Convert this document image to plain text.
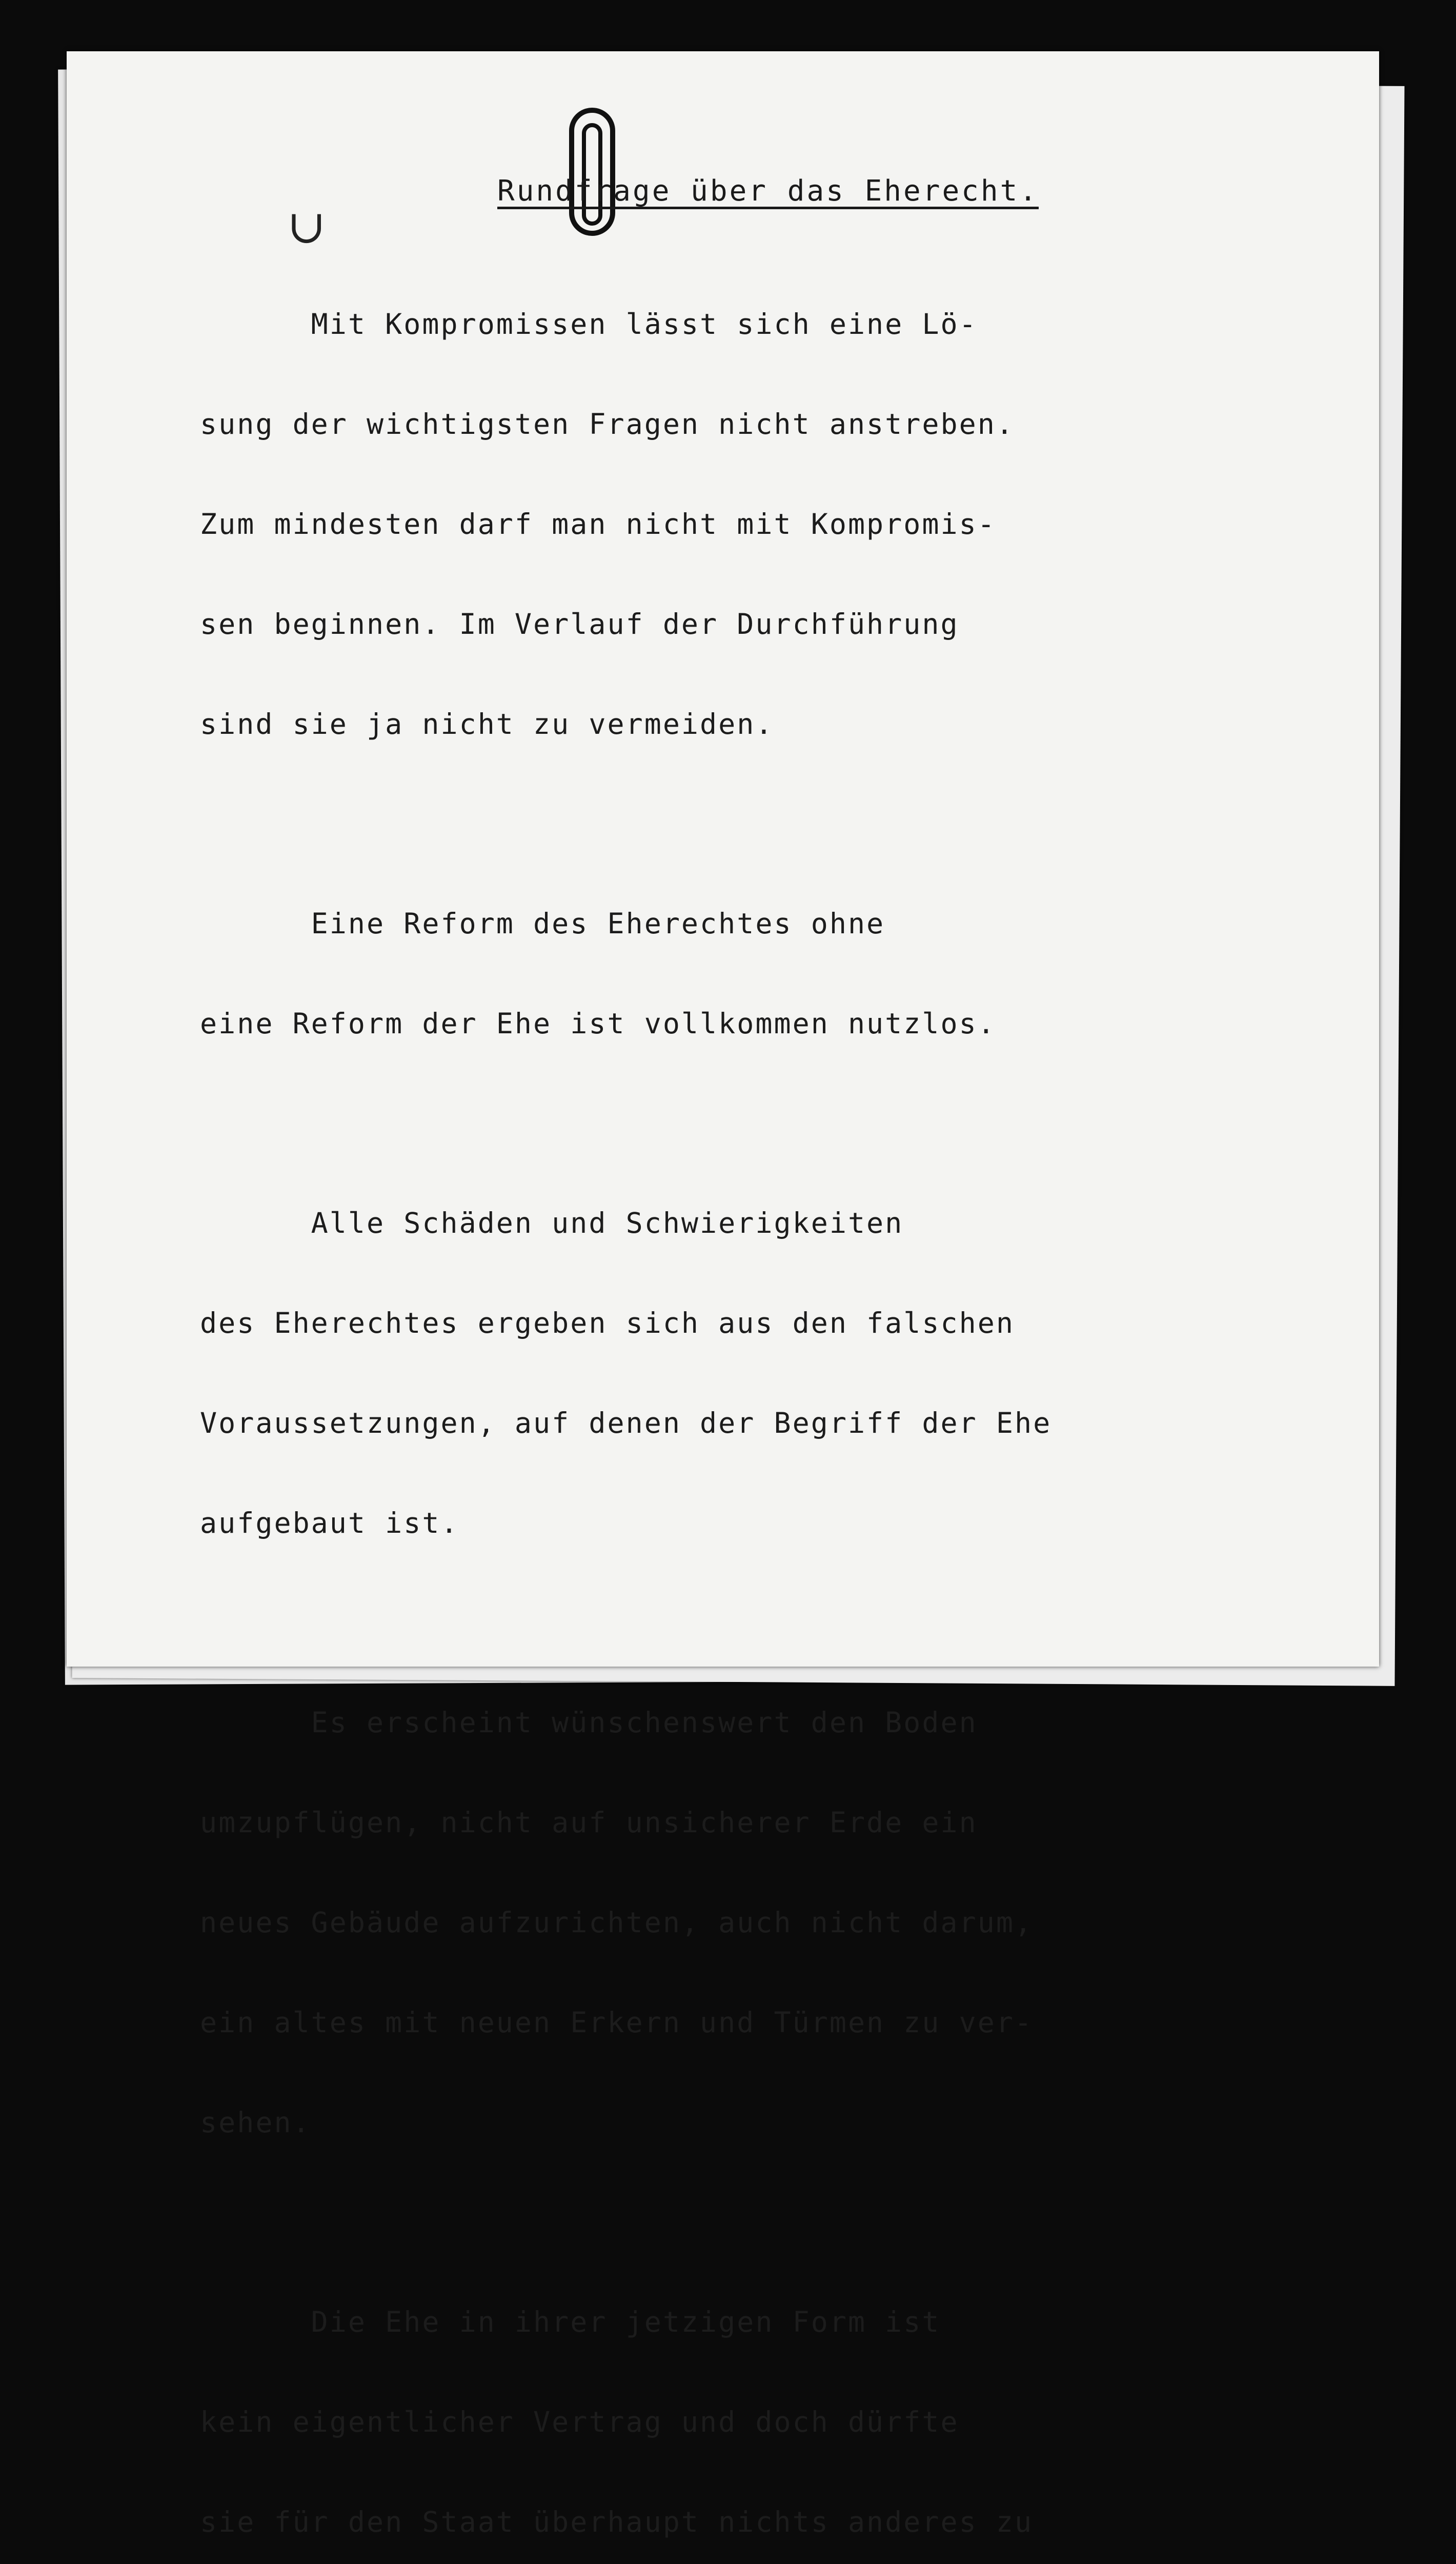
∪
Rundfrage über das Eherecht.

Mit Kompromissen lässt sich eine Lö-

sung der wichtigsten Fragen nicht anstreben.

Zum mindesten darf man nicht mit Kompromis-

sen beginnen. Im Verlauf der Durchführung

sind sie ja nicht zu vermeiden.

Eine Reform des Eherechtes ohne

eine Reform der Ehe ist vollkommen nutzlos.

Alle Schäden und Schwierigkeiten

des Eherechtes ergeben sich aus den falschen

Voraussetzungen, auf denen der Begriff der Ehe

aufgebaut ist.

Es erscheint wünschenswert den Boden

umzupflügen, nicht auf unsicherer Erde ein

neues Gebäude aufzurichten, auch nicht darum,

ein altes mit neuen Erkern und Türmen zu ver-

sehen.

Die Ehe in ihrer jetzigen Form ist

kein eigentlicher Vertrag und doch dürfte

sie für den Staat überhaupt nichts anderes zu
